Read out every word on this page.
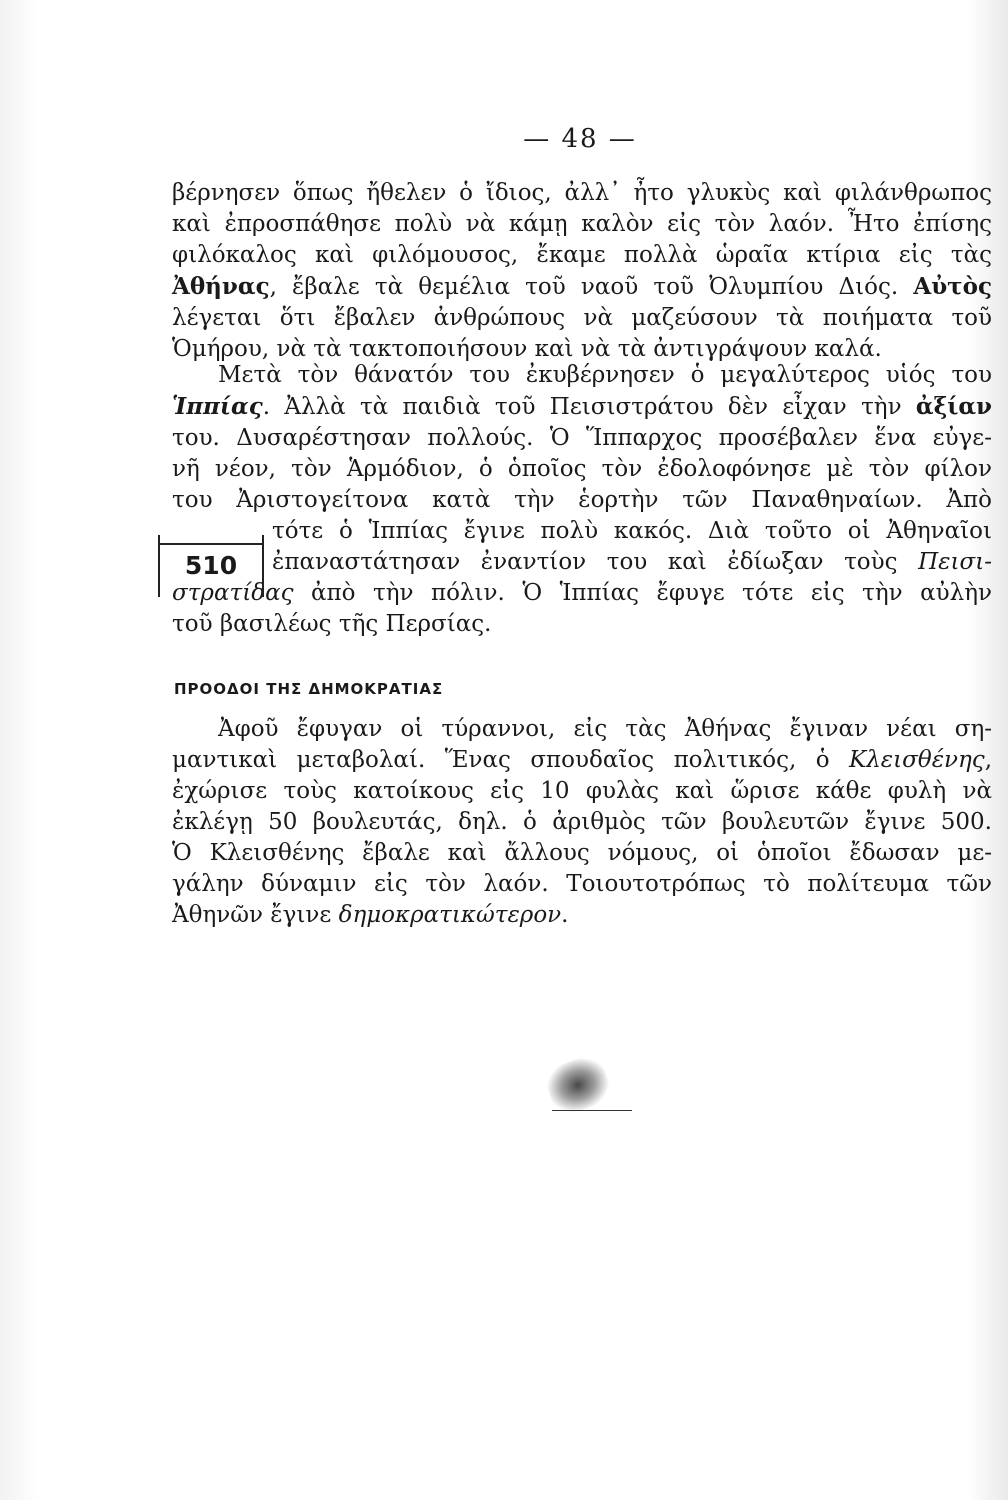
— 48 —
βέρνησεν ὅπως ἤθελεν ὁ ἴδιος, ἀλλ᾿ ἦτο γλυκὺς καὶ φιλάνθρωπος
καὶ ἐπροσπάθησε πολὺ νὰ κάμῃ καλὸν εἰς τὸν λαόν. Ἦτο ἐπίσης
φιλόκαλος καὶ φιλόμουσος, ἔκαμε πολλὰ ὡραῖα κτίρια εἰς τὰς
Ἀθήνας, ἔβαλε τὰ θεμέλια τοῦ ναοῦ τοῦ Ὀλυμπίου Διός. Αὐτὸς
λέγεται ὅτι ἔβαλεν ἀνθρώπους νὰ μαζεύσουν τὰ ποιήματα τοῦ
Ὁμήρου, νὰ τὰ τακτοποιήσουν καὶ νὰ τὰ ἀντιγράψουν καλά.
Μετὰ τὸν θάνατόν του ἐκυβέρνησεν ὁ μεγαλύτερος υἱός του
Ἱππίας. Ἀλλὰ τὰ παιδιὰ τοῦ Πεισιστράτου δὲν εἶχαν τὴν ἀξίαν
του. Δυσαρέστησαν πολλούς. Ὁ Ἵππαρχος προσέβαλεν ἕνα εὐγε-
νῆ νέον, τὸν Ἁρμόδιον, ὁ ὁποῖος τὸν ἐδολοφόνησε μὲ τὸν φίλον
του Ἀριστογείτονα κατὰ τὴν ἑορτὴν τῶν Παναθηναίων. Ἀπὸ
τότε ὁ Ἱππίας ἔγινε πολὺ κακός. Διὰ τοῦτο οἱ Ἀθηναῖοι
ἐπαναστάτησαν ἐναντίον του καὶ ἐδίωξαν τοὺς Πεισι-
στρατίδας ἀπὸ τὴν πόλιν. Ὁ Ἱππίας ἔφυγε τότε εἰς τὴν αὐλὴν
τοῦ βασιλέως τῆς Περσίας.
510
ΠΡΟΟΔΟΙ ΤΗΣ ΔΗΜΟΚΡΑΤΙΑΣ
Ἀφοῦ ἔφυγαν οἱ τύραννοι, εἰς τὰς Ἀθήνας ἔγιναν νέαι ση-
μαντικαὶ μεταβολαί. Ἕνας σπουδαῖος πολιτικός, ὁ Κλεισθένης,
ἐχώρισε τοὺς κατοίκους εἰς 10 φυλὰς καὶ ὥρισε κάθε φυλὴ νὰ
ἐκλέγῃ 50 βουλευτάς, δηλ. ὁ ἀριθμὸς τῶν βουλευτῶν ἔγινε 500.
Ὁ Κλεισθένης ἔβαλε καὶ ἄλλους νόμους, οἱ ὁποῖοι ἔδωσαν με-
γάλην δύναμιν εἰς τὸν λαόν. Τοιουτοτρόπως τὸ πολίτευμα τῶν
Ἀθηνῶν ἔγινε δημοκρατικώτερον.
